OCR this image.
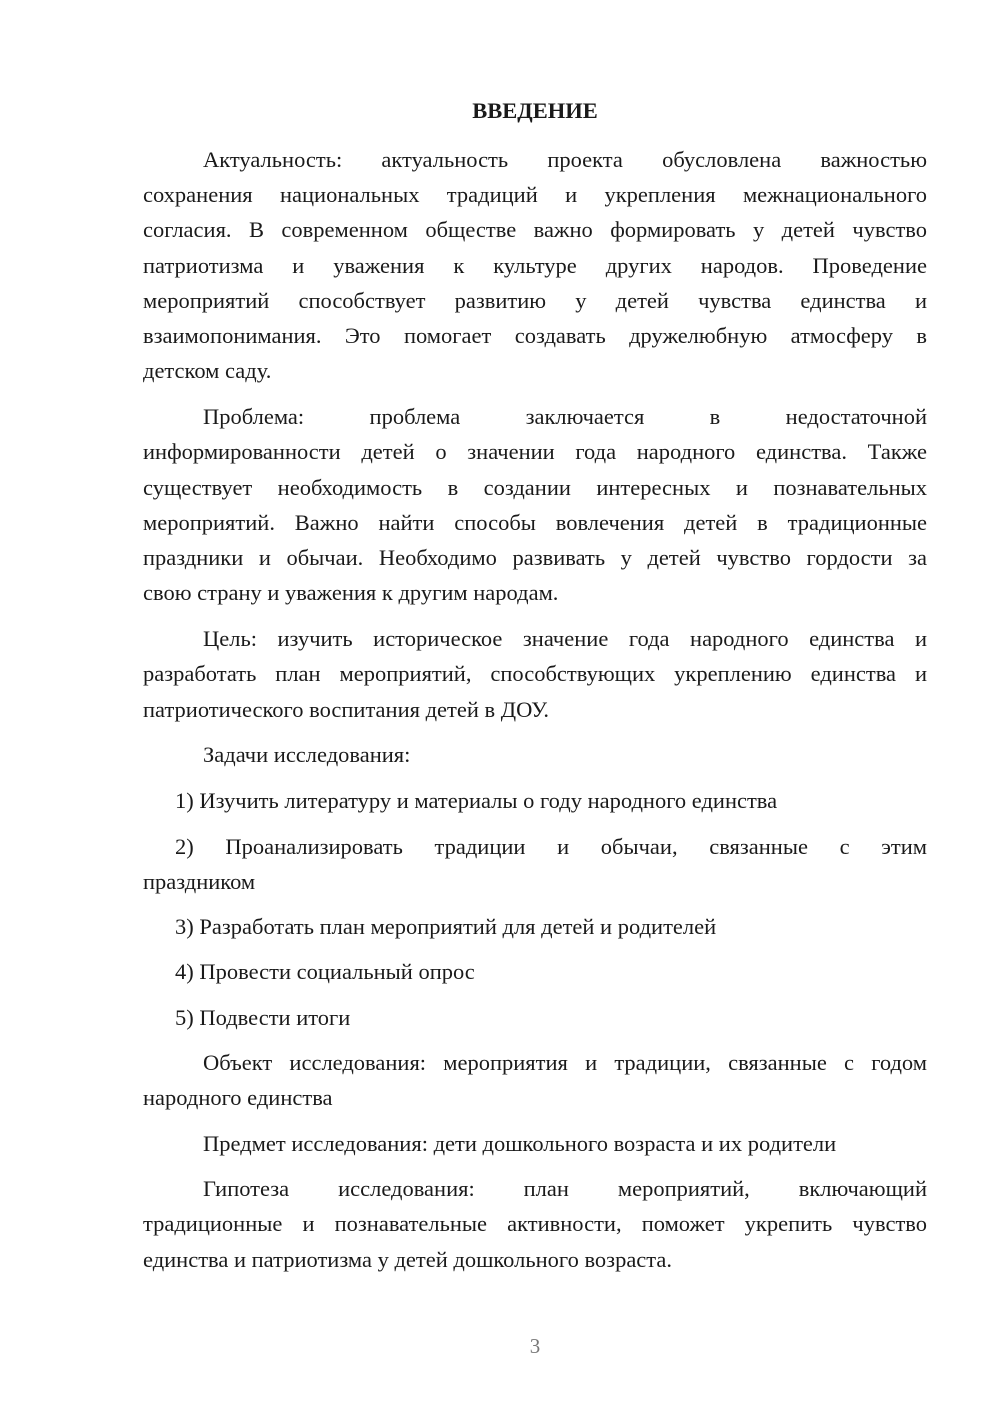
ВВЕДЕНИЕ
Актуальность: актуальность проекта обусловлена важностью
сохранения национальных традиций и укрепления межнационального
согласия. В современном обществе важно формировать у детей чувство
патриотизма и уважения к культуре других народов. Проведение
мероприятий способствует развитию у детей чувства единства и
взаимопонимания. Это помогает создавать дружелюбную атмосферу в
детском саду.
Проблема: проблема заключается в недостаточной
информированности детей о значении года народного единства. Также
существует необходимость в создании интересных и познавательных
мероприятий. Важно найти способы вовлечения детей в традиционные
праздники и обычаи. Необходимо развивать у детей чувство гордости за
свою страну и уважения к другим народам.
Цель: изучить историческое значение года народного единства и
разработать план мероприятий, способствующих укреплению единства и
патриотического воспитания детей в ДОУ.
Задачи исследования:
1) Изучить литературу и материалы о году народного единства
2) Проанализировать традиции и обычаи, связанные с этим
праздником
3) Разработать план мероприятий для детей и родителей
4) Провести социальный опрос
5) Подвести итоги
Объект исследования: мероприятия и традиции, связанные с годом
народного единства
Предмет исследования: дети дошкольного возраста и их родители
Гипотеза исследования: план мероприятий, включающий
традиционные и познавательные активности, поможет укрепить чувство
единства и патриотизма у детей дошкольного возраста.
3
